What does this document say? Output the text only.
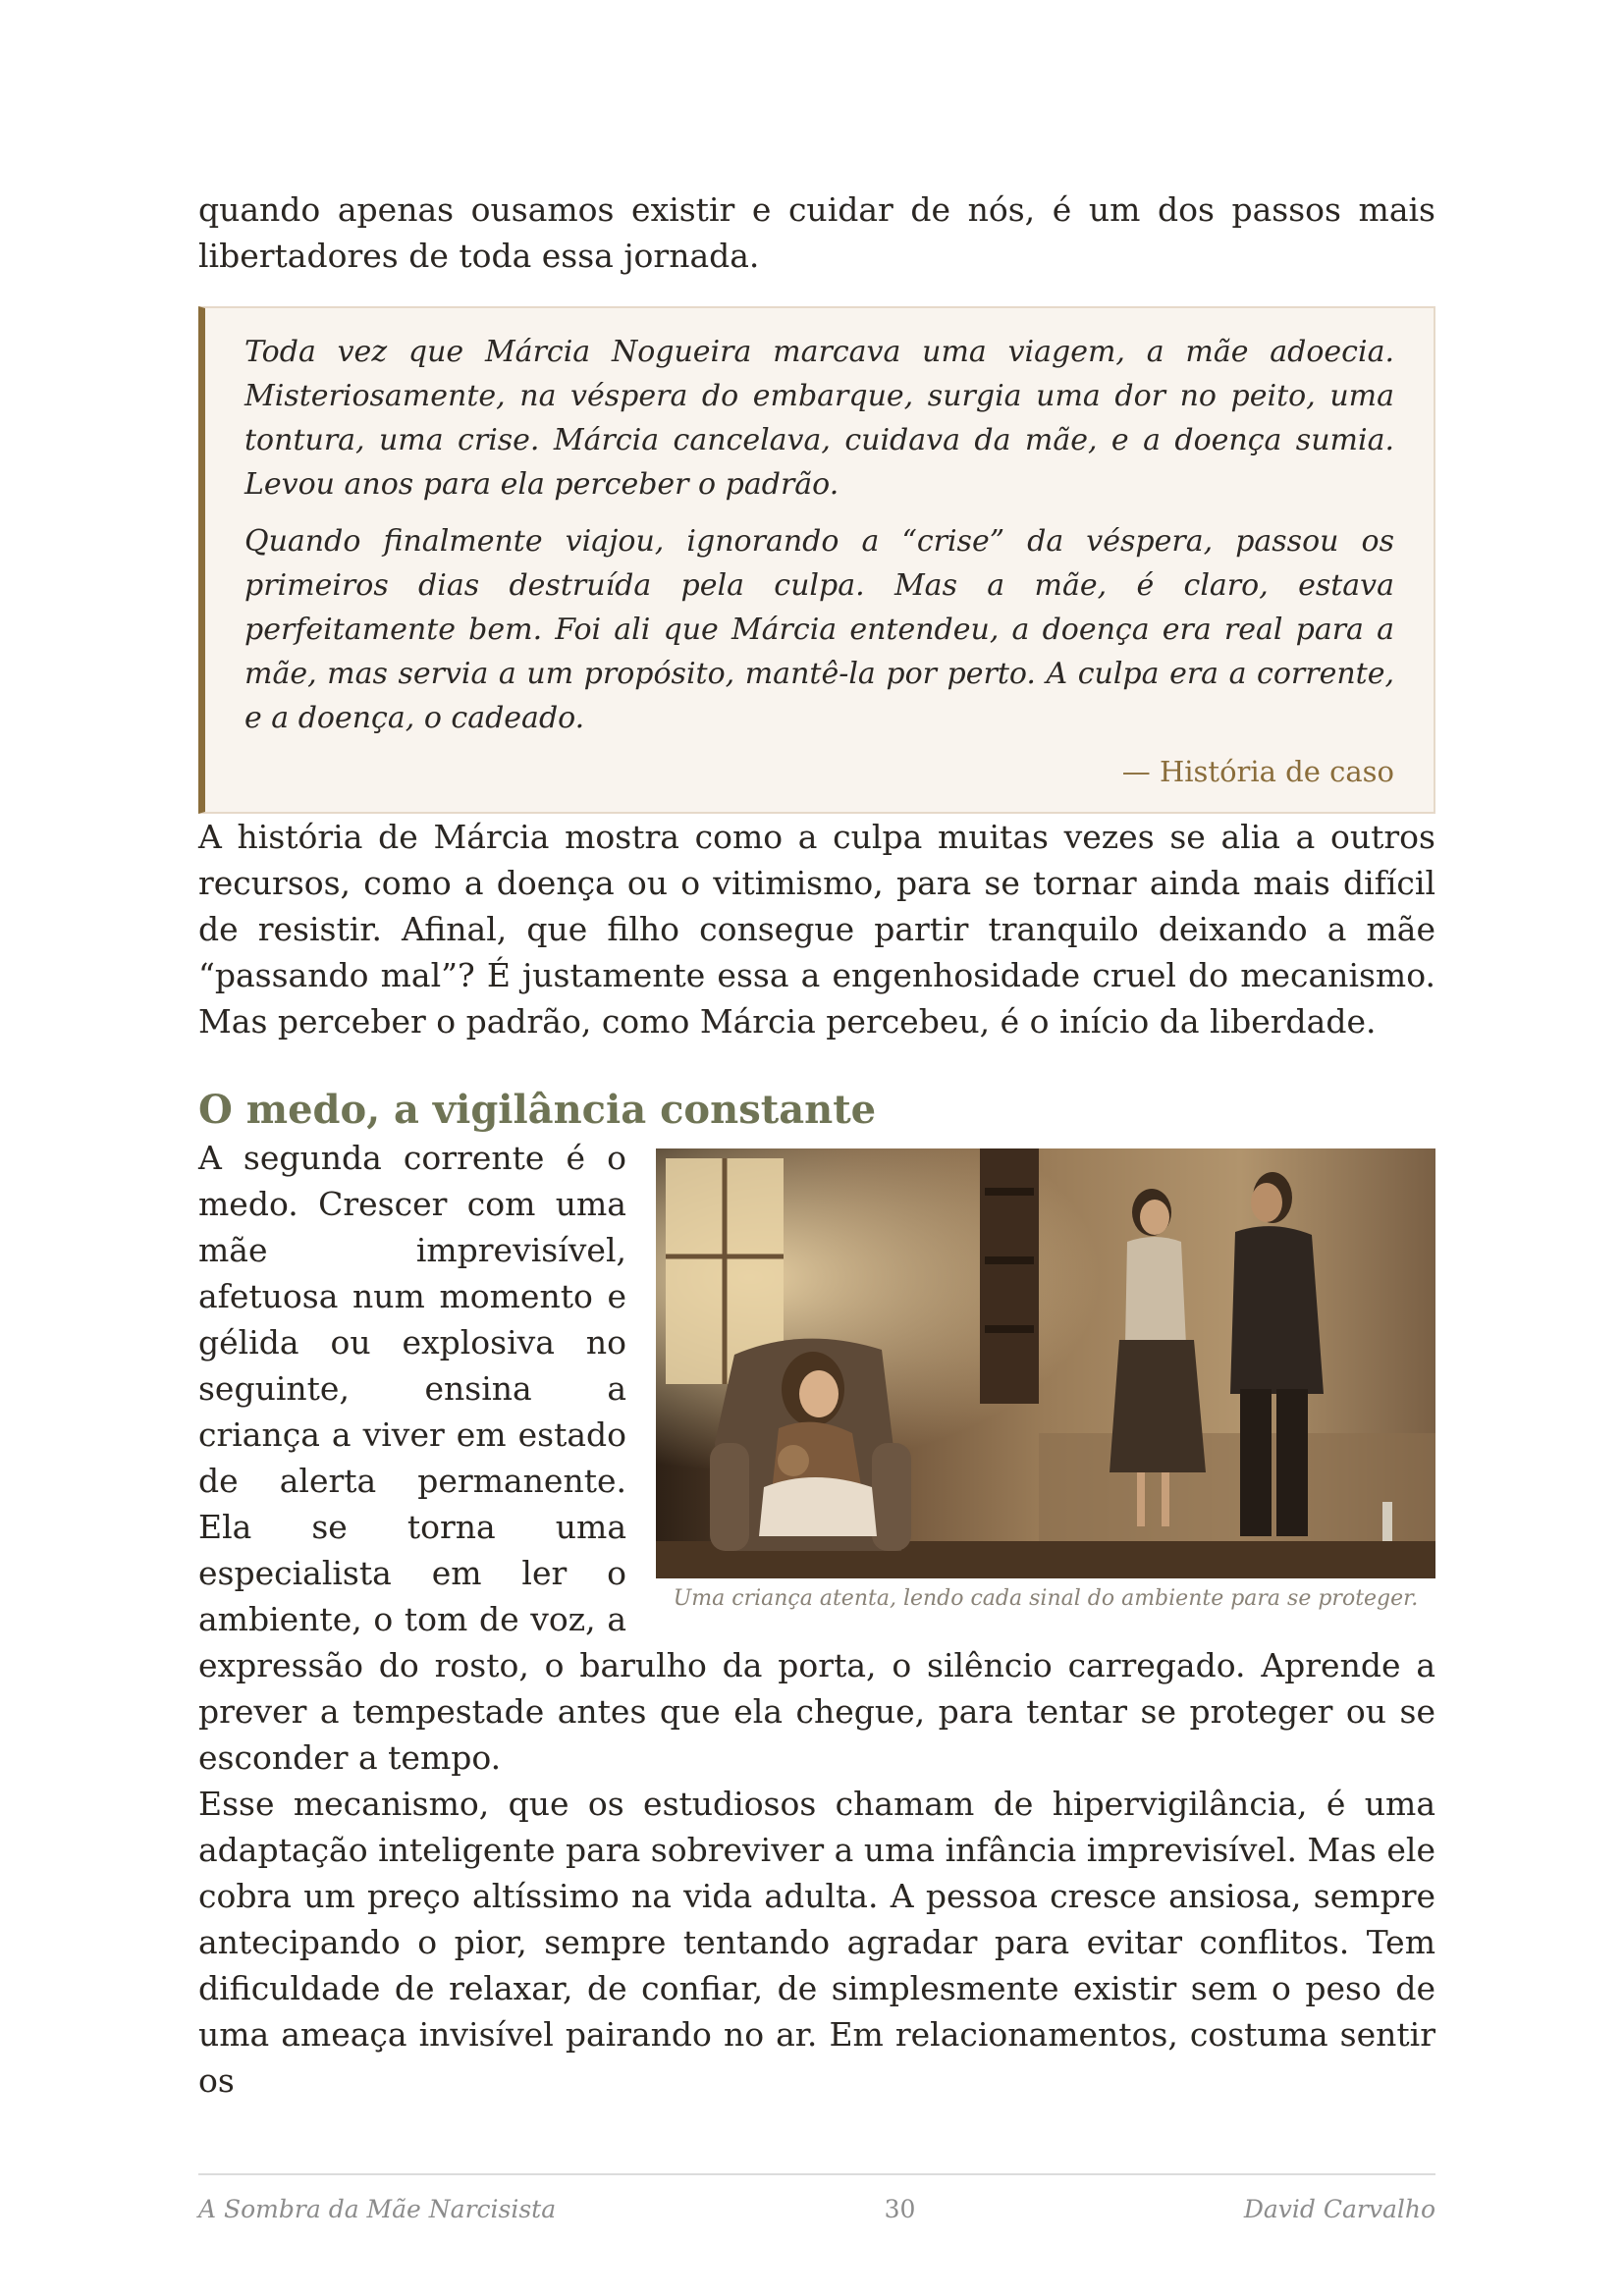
quando apenas ousamos existir e cuidar de nós, é um dos passos mais libertadores de toda essa jornada.

Toda vez que Márcia Nogueira marcava uma viagem, a mãe adoecia. Misteriosamente, na véspera do embarque, surgia uma dor no peito, uma tontura, uma crise. Márcia cancelava, cuidava da mãe, e a doença sumia. Levou anos para ela perceber o padrão.

Quando finalmente viajou, ignorando a “crise” da véspera, passou os primeiros dias destruída pela culpa. Mas a mãe, é claro, estava perfeitamente bem. Foi ali que Márcia entendeu, a doença era real para a mãe, mas servia a um propósito, mantê-la por perto. A culpa era a corrente, e a doença, o cadeado.

— História de caso

A história de Márcia mostra como a culpa muitas vezes se alia a outros recursos, como a doença ou o vitimismo, para se tornar ainda mais difícil de resistir. Afinal, que filho consegue partir tranquilo deixando a mãe “passando mal”? É justamente essa a engenhosidade cruel do mecanismo. Mas perceber o padrão, como Márcia percebeu, é o início da liberdade.

O medo, a vigilância constante
Uma criança atenta, lendo cada sinal do ambiente para se proteger.

A segunda corrente é o medo. Crescer com uma mãe imprevisível, afetuosa num momento e gélida ou explosiva no seguinte, ensina a criança a viver em estado de alerta permanente. Ela se torna uma especialista em ler o ambiente, o tom de voz, a expressão do rosto, o barulho da porta, o silêncio carregado. Aprende a prever a tempestade antes que ela chegue, para tentar se proteger ou se esconder a tempo.

Esse mecanismo, que os estudiosos chamam de hipervigilância, é uma adaptação inteligente para sobreviver a uma infância imprevisível. Mas ele cobra um preço altíssimo na vida adulta. A pessoa cresce ansiosa, sempre antecipando o pior, sempre tentando agradar para evitar conflitos. Tem dificuldade de relaxar, de confiar, de simplesmente existir sem o peso de uma ameaça invisível pairando no ar. Em relacionamentos, costuma sentir os

A Sombra da Mãe Narcisista	30	David Carvalho
